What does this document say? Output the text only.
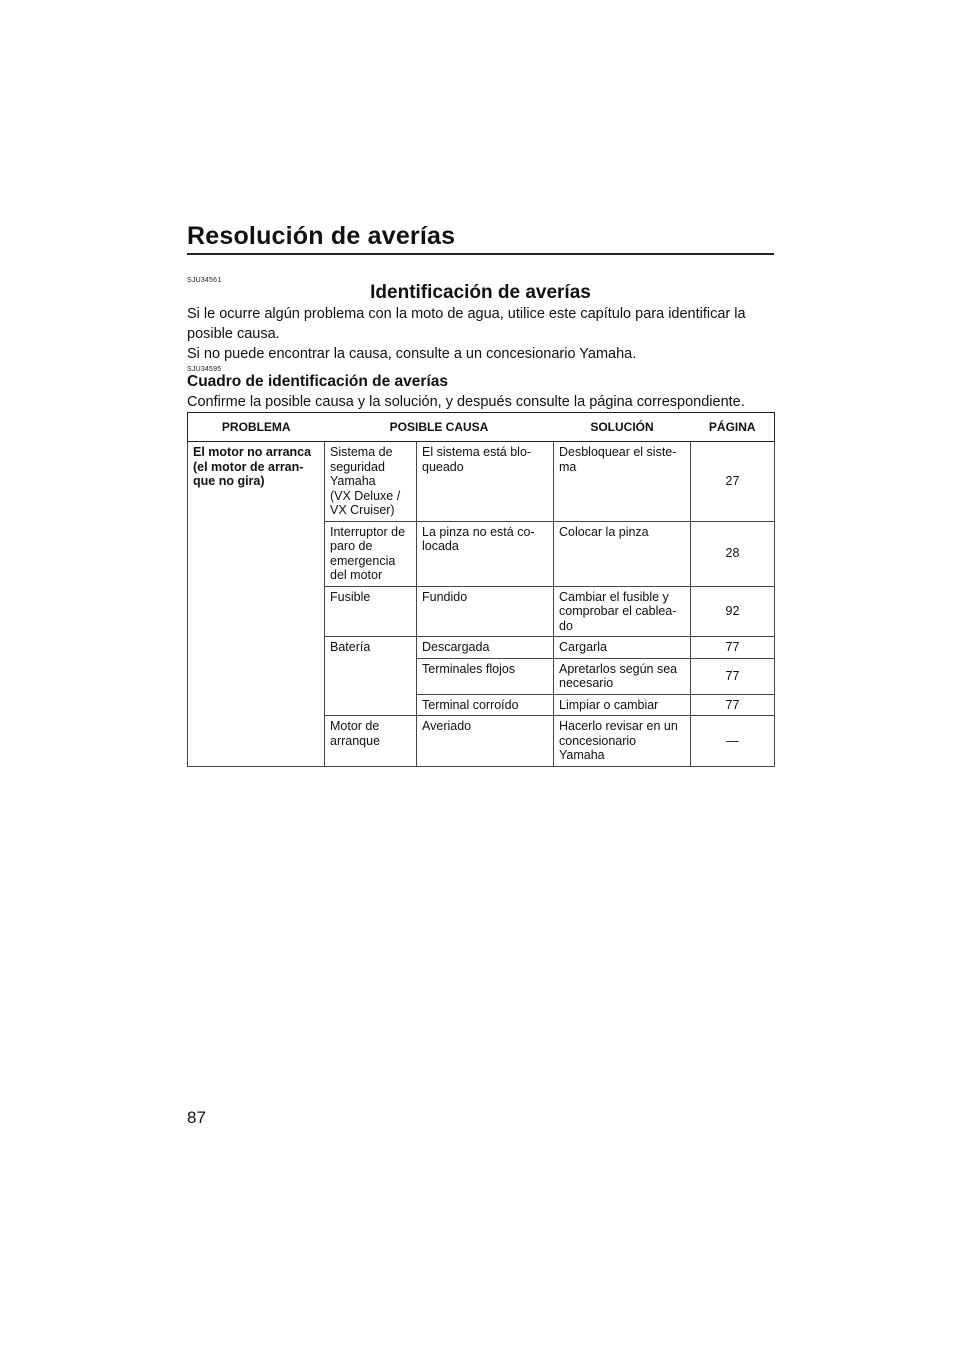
Resolución de averías
SJU34561
Identificación de averías

Si le ocurre algún problema con la moto de agua, utilice este capítulo para identificar la posible causa.

Si no puede encontrar la causa, consulte a un concesionario Yamaha.

SJU34595
Cuadro de identificación de averías

Confirme la posible causa y la solución, y después consulte la página correspondiente.

PROBLEMA	POSIBLE CAUSA		SOLUCIÓN	PÁGINA
El motor no arranca
(el motor de arran-
que no gira)	Sistema de
seguridad
Yamaha
(VX Deluxe /
VX Cruiser)	El sistema está blo-
queado	Desbloquear el siste-
ma	27
	Interruptor de
paro de
emergencia
del motor	La pinza no está co-
locada	Colocar la pinza	28
	Fusible	Fundido	Cambiar el fusible y
comprobar el cablea-
do	92
	Batería	Descargada	Cargarla	77
		Terminales flojos	Apretarlos según sea
necesario	77
		Terminal corroído	Limpiar o cambiar	77
	Motor de
arranque	Averiado	Hacerlo revisar en un
concesionario
Yamaha	—

87
